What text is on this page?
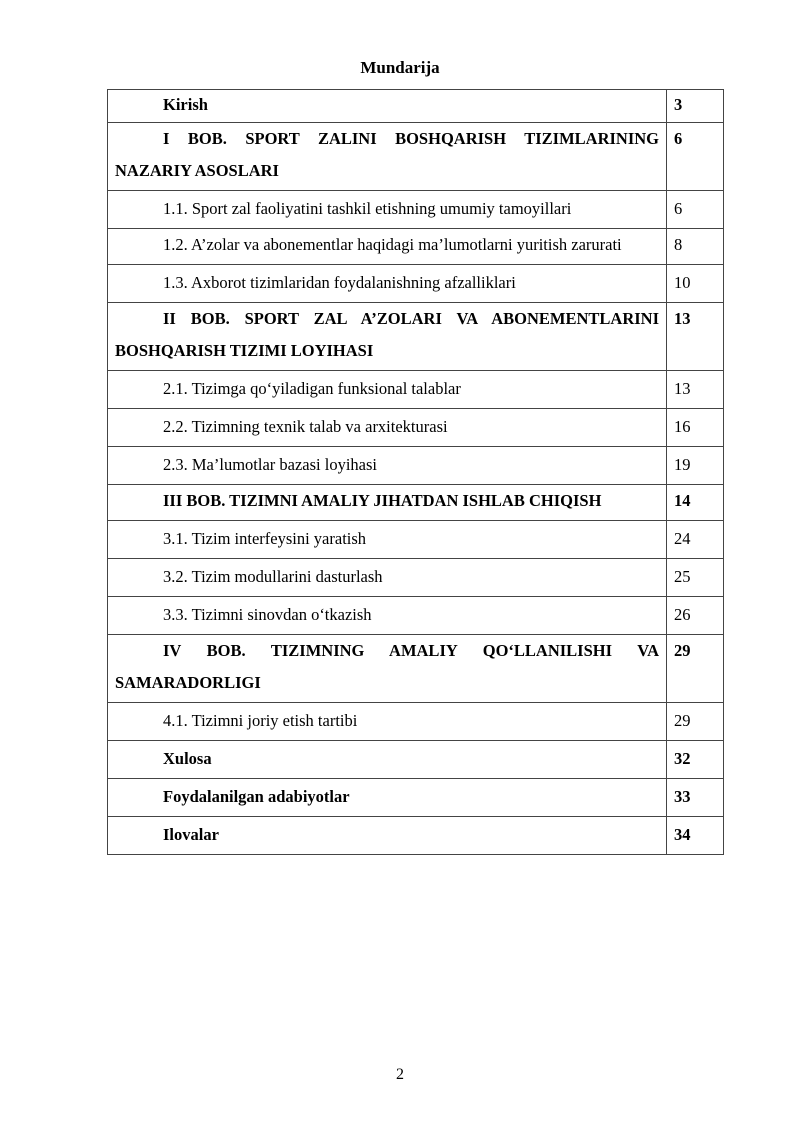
Mundarija
Kirish	3

I BOB. SPORT ZALINI BOSHQARISH TIZIMLARINING NAZARIY ASOSLARI	6

1.1. Sport zal faoliyatini tashkil etishning umumiy tamoyillari	6

1.2. A’zolar va abonementlar haqidagi ma’lumotlarni yuritish zarurati	8

1.3. Axborot tizimlaridan foydalanishning afzalliklari	10

II BOB. SPORT ZAL A’ZOLARI VA ABONEMENTLARINI BOSHQARISH TIZIMI LOYIHASI	13

2.1. Tizimga qo‘yiladigan funksional talablar	13

2.2. Tizimning texnik talab va arxitekturasi	16

2.3. Ma’lumotlar bazasi loyihasi	19

III BOB. TIZIMNI AMALIY JIHATDAN ISHLAB CHIQISH	14

3.1. Tizim interfeysini yaratish	24

3.2. Tizim modullarini dasturlash	25

3.3. Tizimni sinovdan o‘tkazish	26

IV BOB. TIZIMNING AMALIY QO‘LLANILISHI VA SAMARADORLIGI	29

4.1. Tizimni joriy etish tartibi	29

Xulosa	32

Foydalanilgan adabiyotlar	33

Ilovalar	34
2
